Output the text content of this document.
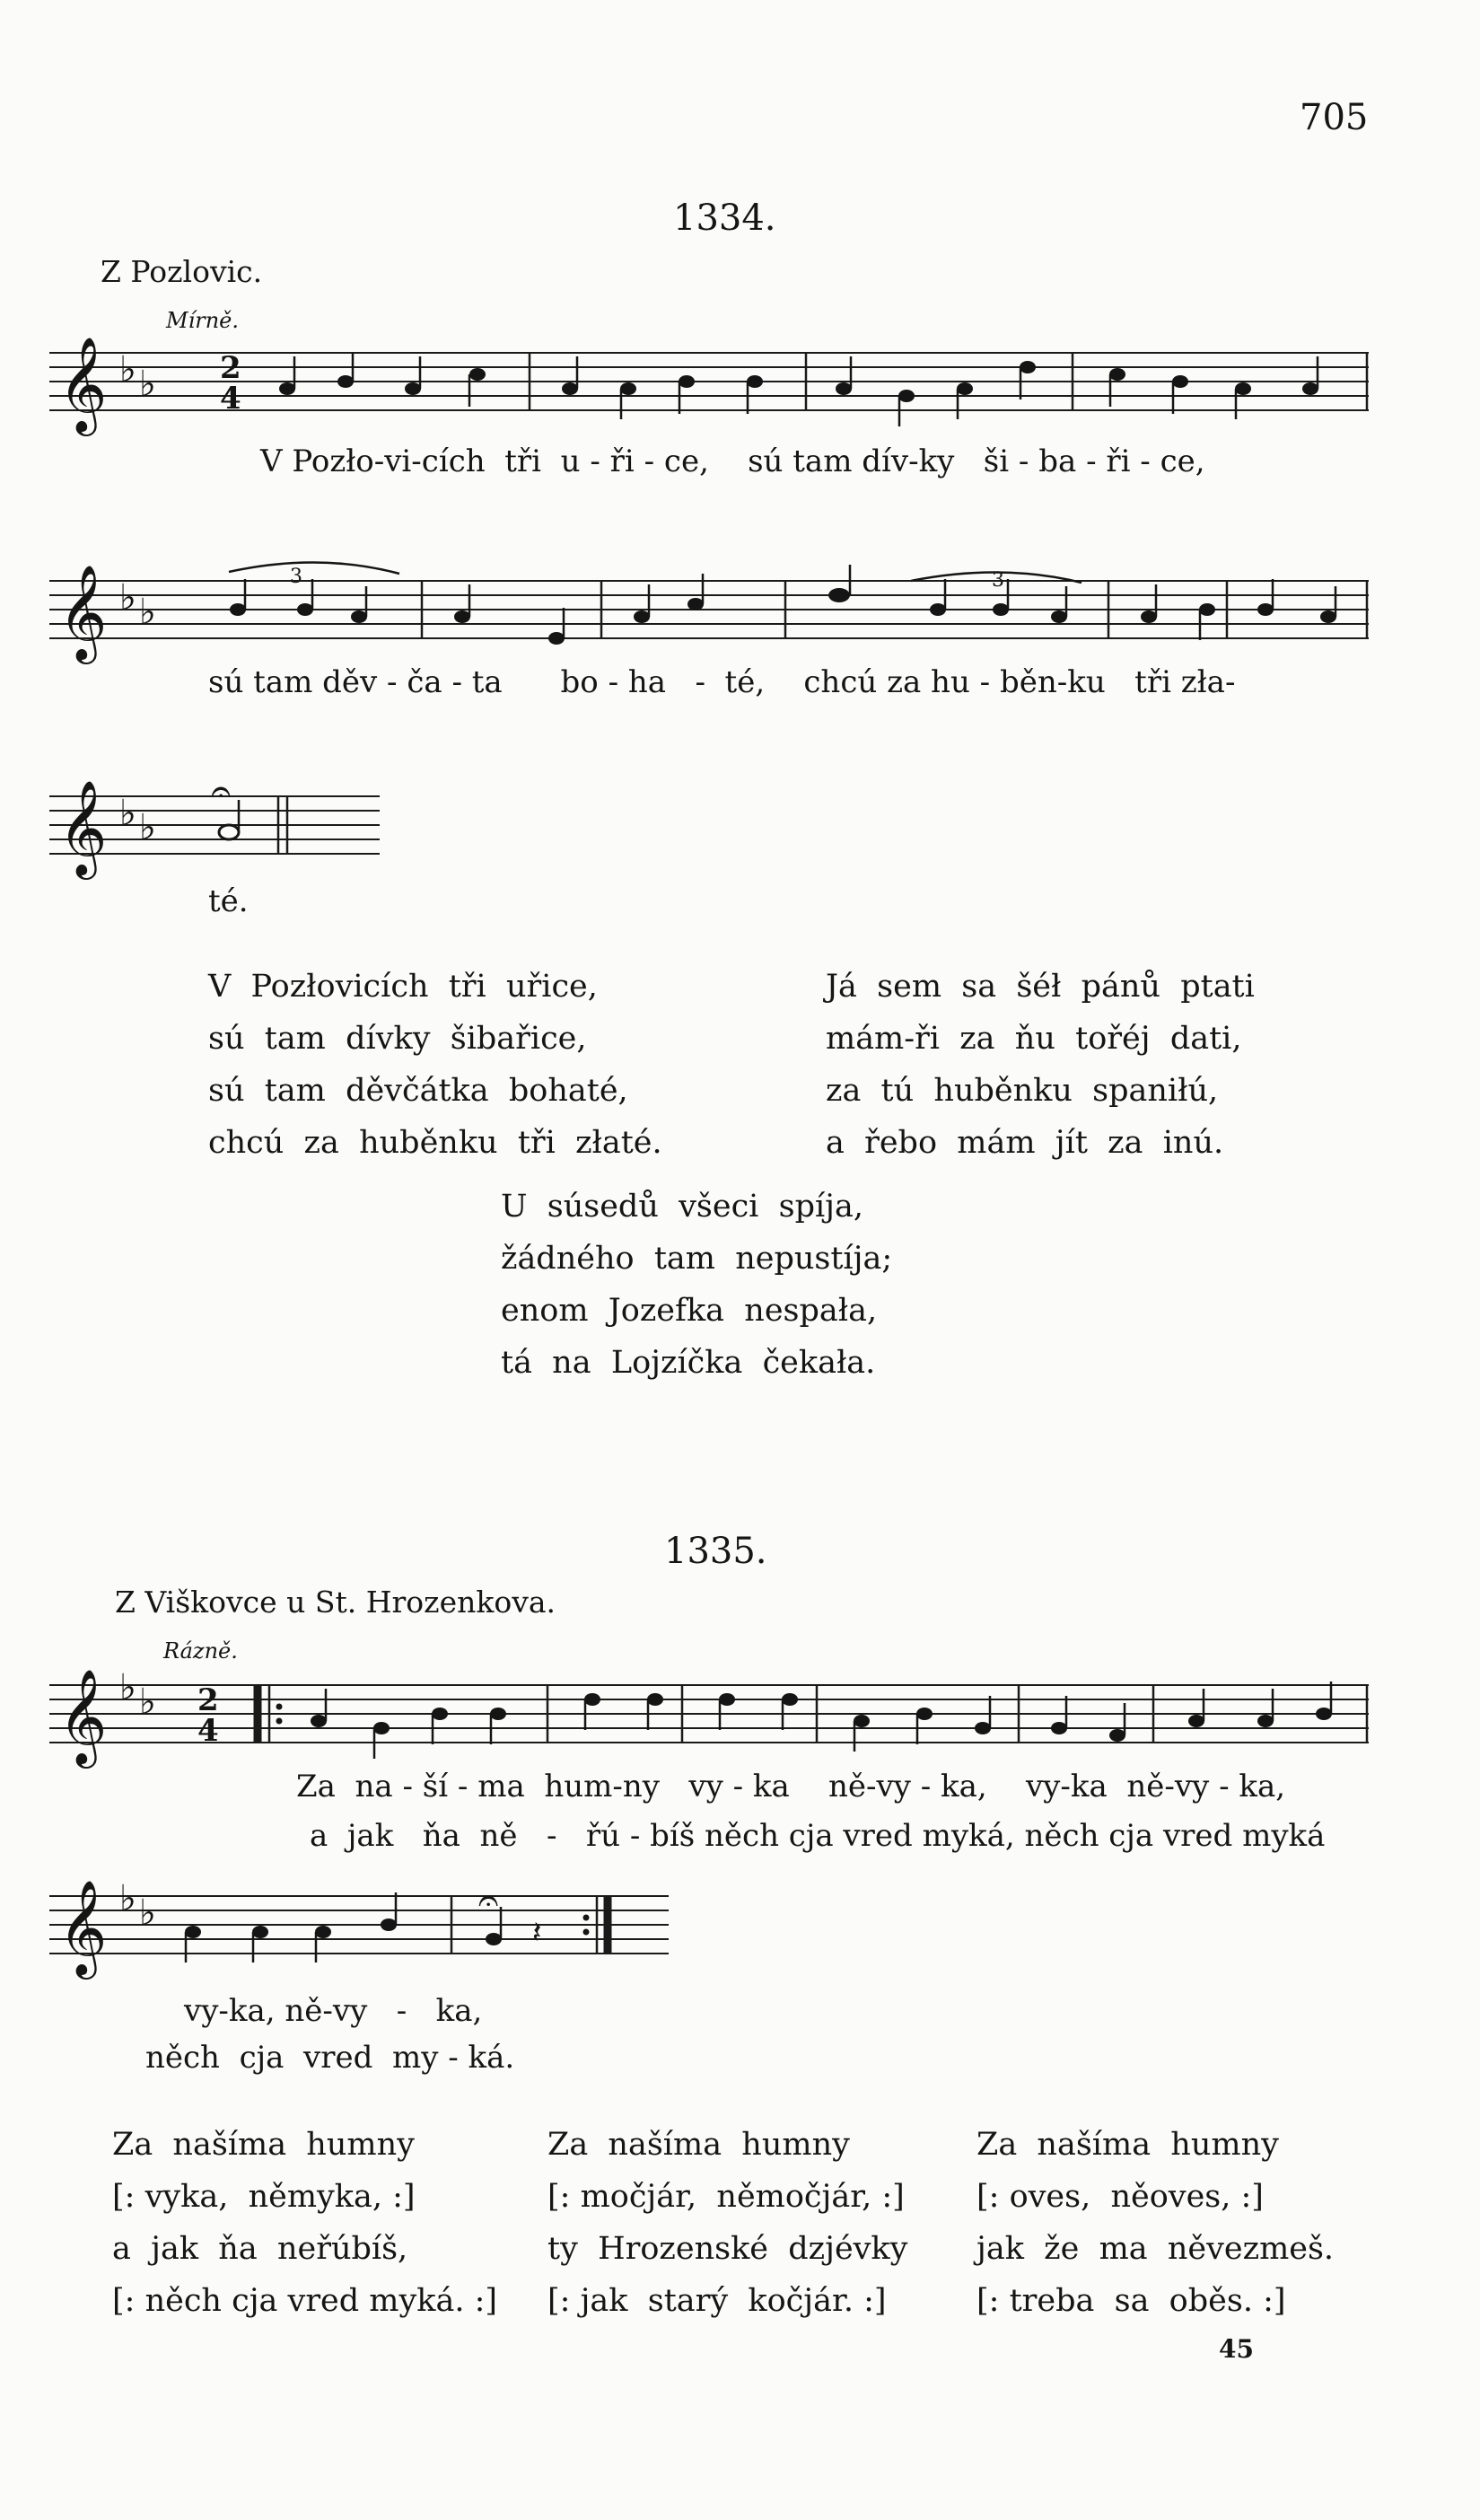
705
1334.
Z Pozlovic.
Mírně.
𝄞 ♭ ♭ 2
4
V Pozło-vi-cích  tři  u - ři - ce,    sú tam dív-ky   ši - ba - ři - ce,
𝄞 ♭ ♭
3	3
sú tam děv - ča - ta      bo - ha   -  té,    chcú za hu - běn-ku   tři zła-
𝄞 ♭ ♭
𝄐
té.
V  Pozłovicích  tři  uřice,
sú  tam  dívky  šibařice,
sú  tam  děvčátka  bohaté,
chcú  za  huběnku  tři  złaté.
Já  sem  sa  šéł  pánů  ptati
mám-ři  za  ňu  tořéj  dati,
za  tú  huběnku  spaniłú,
a  řebo  mám  jít  za  inú.
U  súsedů  všeci  spíja,
žádného  tam  nepustíja;
enom  Jozefka  nespała,
tá  na  Lojzíčka  čekała.
1335.
Z Viškovce u St. Hrozenkova.
Rázně.
𝄞 ♭ ♭ 2
4
Za  na - ší - ma  hum-ny   vy - ka    ně-vy - ka,    vy-ka  ně-vy - ka,
a  jak   ňa  ně   -   řú - bíš něch cja vred myká, něch cja vred myká
𝄞 ♭ ♭	𝄐
𝄽
vy-ka, ně-vy   -   ka,
něch  cja  vred  my - ká.
Za  našíma  humny
[: vyka,  němyka, :]
a  jak  ňa  neřúbíš,
[: něch cja vred myká. :]
Za  našíma  humny
[: močjár,  němočjár, :]
ty  Hrozenské  dzjévky
[: jak  starý  kočjár. :]
Za  našíma  humny
[: oves,  něoves, :]
jak  že  ma  něvezmeš.
[: treba  sa  oběs. :]
45
